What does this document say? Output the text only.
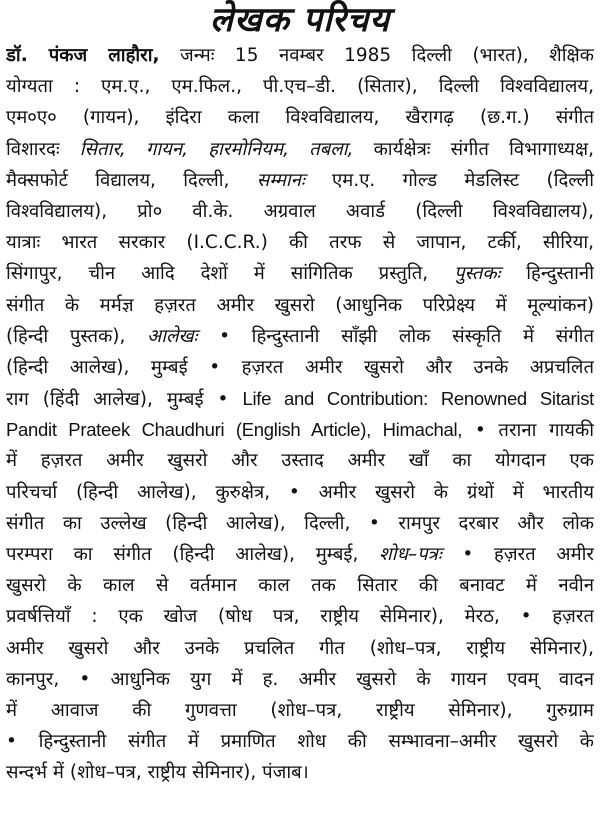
लेखक परिचय
डॉ. पंकज लाहौरा, जन्मः 15 नवम्बर 1985 दिल्ली (भारत), शैक्षिक
योग्यता : एम.ए., एम.फिल., पी.एच–डी. (सितार), दिल्ली विश्वविद्यालय,
एम०ए० (गायन), इंदिरा कला विश्वविद्यालय, खैरागढ़ (छ.ग.) संगीत
विशारदः सितार, गायन, हारमोनियम, तबला, कार्यक्षेत्रः संगीत विभागाध्यक्ष,
मैक्सफोर्ट विद्यालय, दिल्ली, सम्मानः एम.ए. गोल्ड मेडलिस्ट (दिल्ली
विश्वविद्यालय), प्रो० वी.के. अग्रवाल अवार्ड (दिल्ली विश्वविद्यालय),
यात्राः भारत सरकार (I.C.C.R.) की तरफ से जापान, टर्की, सीरिया,
सिंगापुर, चीन आदि देशों में सांगितिक प्रस्तुति, पुस्तकः हिन्दुस्तानी
संगीत के मर्मज्ञ हज़रत अमीर खुसरो (आधुनिक परिप्रेक्ष्य में मूल्यांकन)
(हिन्दी पुस्तक), आलेखः • हिन्दुस्तानी साँझी लोक संस्कृति में संगीत
(हिन्दी आलेख), मुम्बई • हज़रत अमीर खुसरो और उनके अप्रचलित
राग (हिंदी आलेख), मुम्बई • Life and Contribution: Renowned Sitarist
Pandit Prateek Chaudhuri (English Article), Himachal, • तराना गायकी
में हज़रत अमीर खुसरो और उस्ताद अमीर खाँ का योगदान एक
परिचर्चा (हिन्दी आलेख), कुरुक्षेत्र, • अमीर खुसरो के ग्रंथों में भारतीय
संगीत का उल्लेख (हिन्दी आलेख), दिल्ली, • रामपुर दरबार और लोक
परम्परा का संगीत (हिन्दी आलेख), मुम्बई, शोध–पत्रः • हज़रत अमीर
खुसरो के काल से वर्तमान काल तक सितार की बनावट में नवीन
प्रवर्षत्तियाँ : एक खोज (षोध पत्र, राष्ट्रीय सेमिनार), मेरठ, • हज़रत
अमीर खुसरो और उनके प्रचलित गीत (शोध–पत्र, राष्ट्रीय सेमिनार),
कानपुर, • आधुनिक युग में ह. अमीर खुसरो के गायन एवम् वादन
में आवाज की गुणवत्ता (शोध–पत्र, राष्ट्रीय सेमिनार), गुरुग्राम
• हिन्दुस्तानी संगीत में प्रमाणित शोध की सम्भावना–अमीर खुसरो के
सन्दर्भ में (शोध–पत्र, राष्ट्रीय सेमिनार), पंजाब।
